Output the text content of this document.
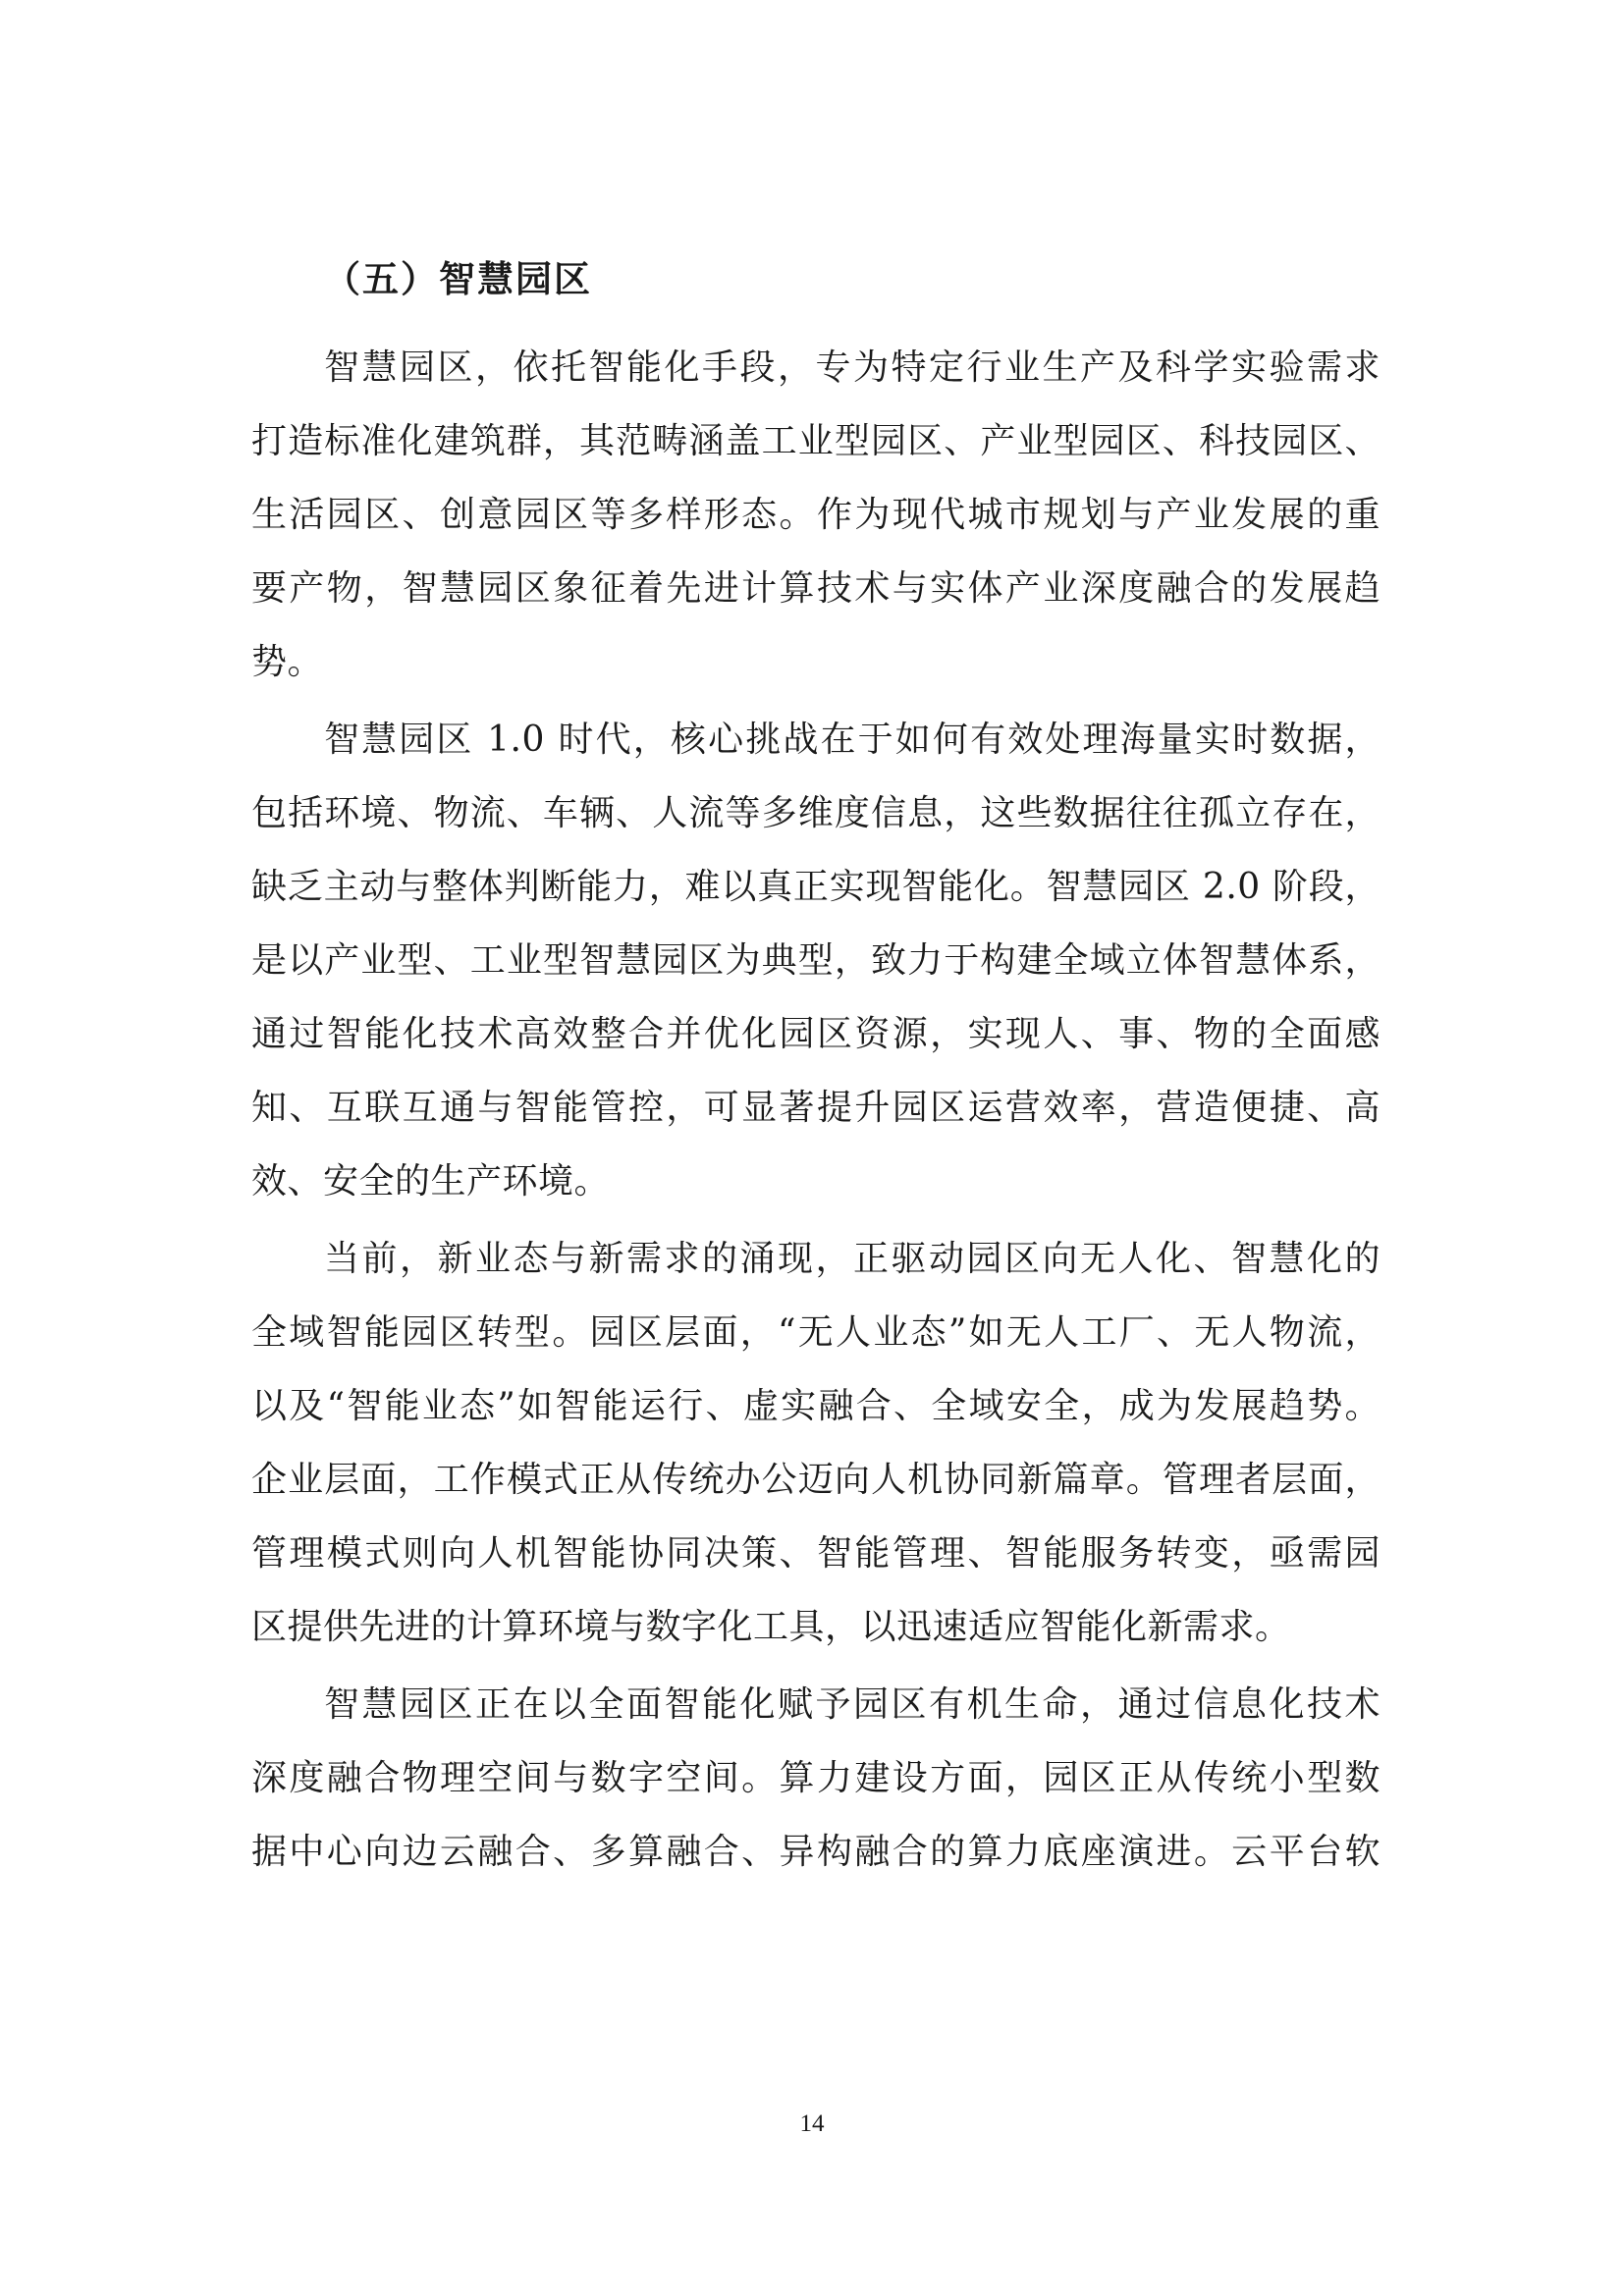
（五）智慧园区
智慧园区，依托智能化手段，专为特定行业生产及科学实验需求
打造标准化建筑群，其范畴涵盖工业型园区、产业型园区、科技园区、
生活园区、创意园区等多样形态。作为现代城市规划与产业发展的重
要产物，智慧园区象征着先进计算技术与实体产业深度融合的发展趋
势。
智慧园区 1.0 时代，核心挑战在于如何有效处理海量实时数据，
包括环境、物流、车辆、人流等多维度信息，这些数据往往孤立存在，
缺乏主动与整体判断能力，难以真正实现智能化。智慧园区 2.0 阶段，
是以产业型、工业型智慧园区为典型，致力于构建全域立体智慧体系，
通过智能化技术高效整合并优化园区资源，实现人、事、物的全面感
知、互联互通与智能管控，可显著提升园区运营效率，营造便捷、高
效、安全的生产环境。
当前，新业态与新需求的涌现，正驱动园区向无人化、智慧化的
全域智能园区转型。园区层面，“无人业态”如无人工厂、无人物流，
以及“智能业态”如智能运行、虚实融合、全域安全，成为发展趋势。
企业层面，工作模式正从传统办公迈向人机协同新篇章。管理者层面，
管理模式则向人机智能协同决策、智能管理、智能服务转变，亟需园
区提供先进的计算环境与数字化工具，以迅速适应智能化新需求。
智慧园区正在以全面智能化赋予园区有机生命，通过信息化技术
深度融合物理空间与数字空间。算力建设方面，园区正从传统小型数
据中心向边云融合、多算融合、异构融合的算力底座演进。云平台软
14
